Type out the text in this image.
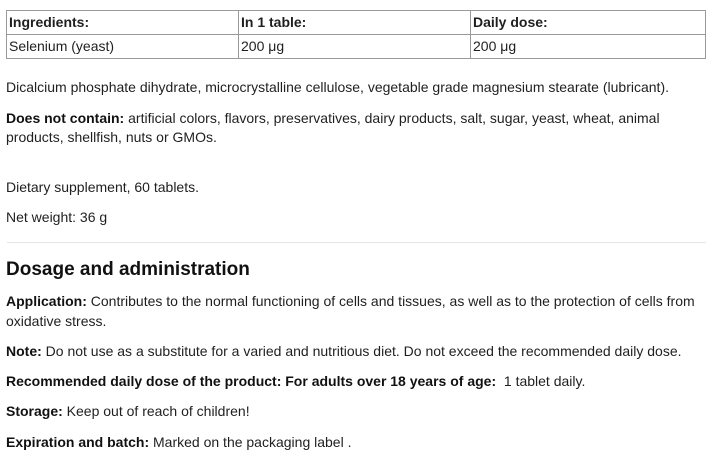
Ingredients:	In 1 table:	Daily dose:
Selenium (yeast)	200 μg	200 μg

Dicalcium phosphate dihydrate, microcrystalline cellulose, vegetable grade magnesium stearate (lubricant).

Does not contain: artificial colors, flavors, preservatives, dairy products, salt, sugar, yeast, wheat, animal products, shellfish, nuts or GMOs.

Dietary supplement, 60 tablets.

Net weight: 36 g

Dosage and administration

Application: Contributes to the normal functioning of cells and tissues, as well as to the protection of cells from oxidative stress.

Note: Do not use as a substitute for a varied and nutritious diet. Do not exceed the recommended daily dose.

Recommended daily dose of the product: For adults over 18 years of age:  1 tablet daily.

Storage: Keep out of reach of children!

Expiration and batch: Marked on the packaging label .
